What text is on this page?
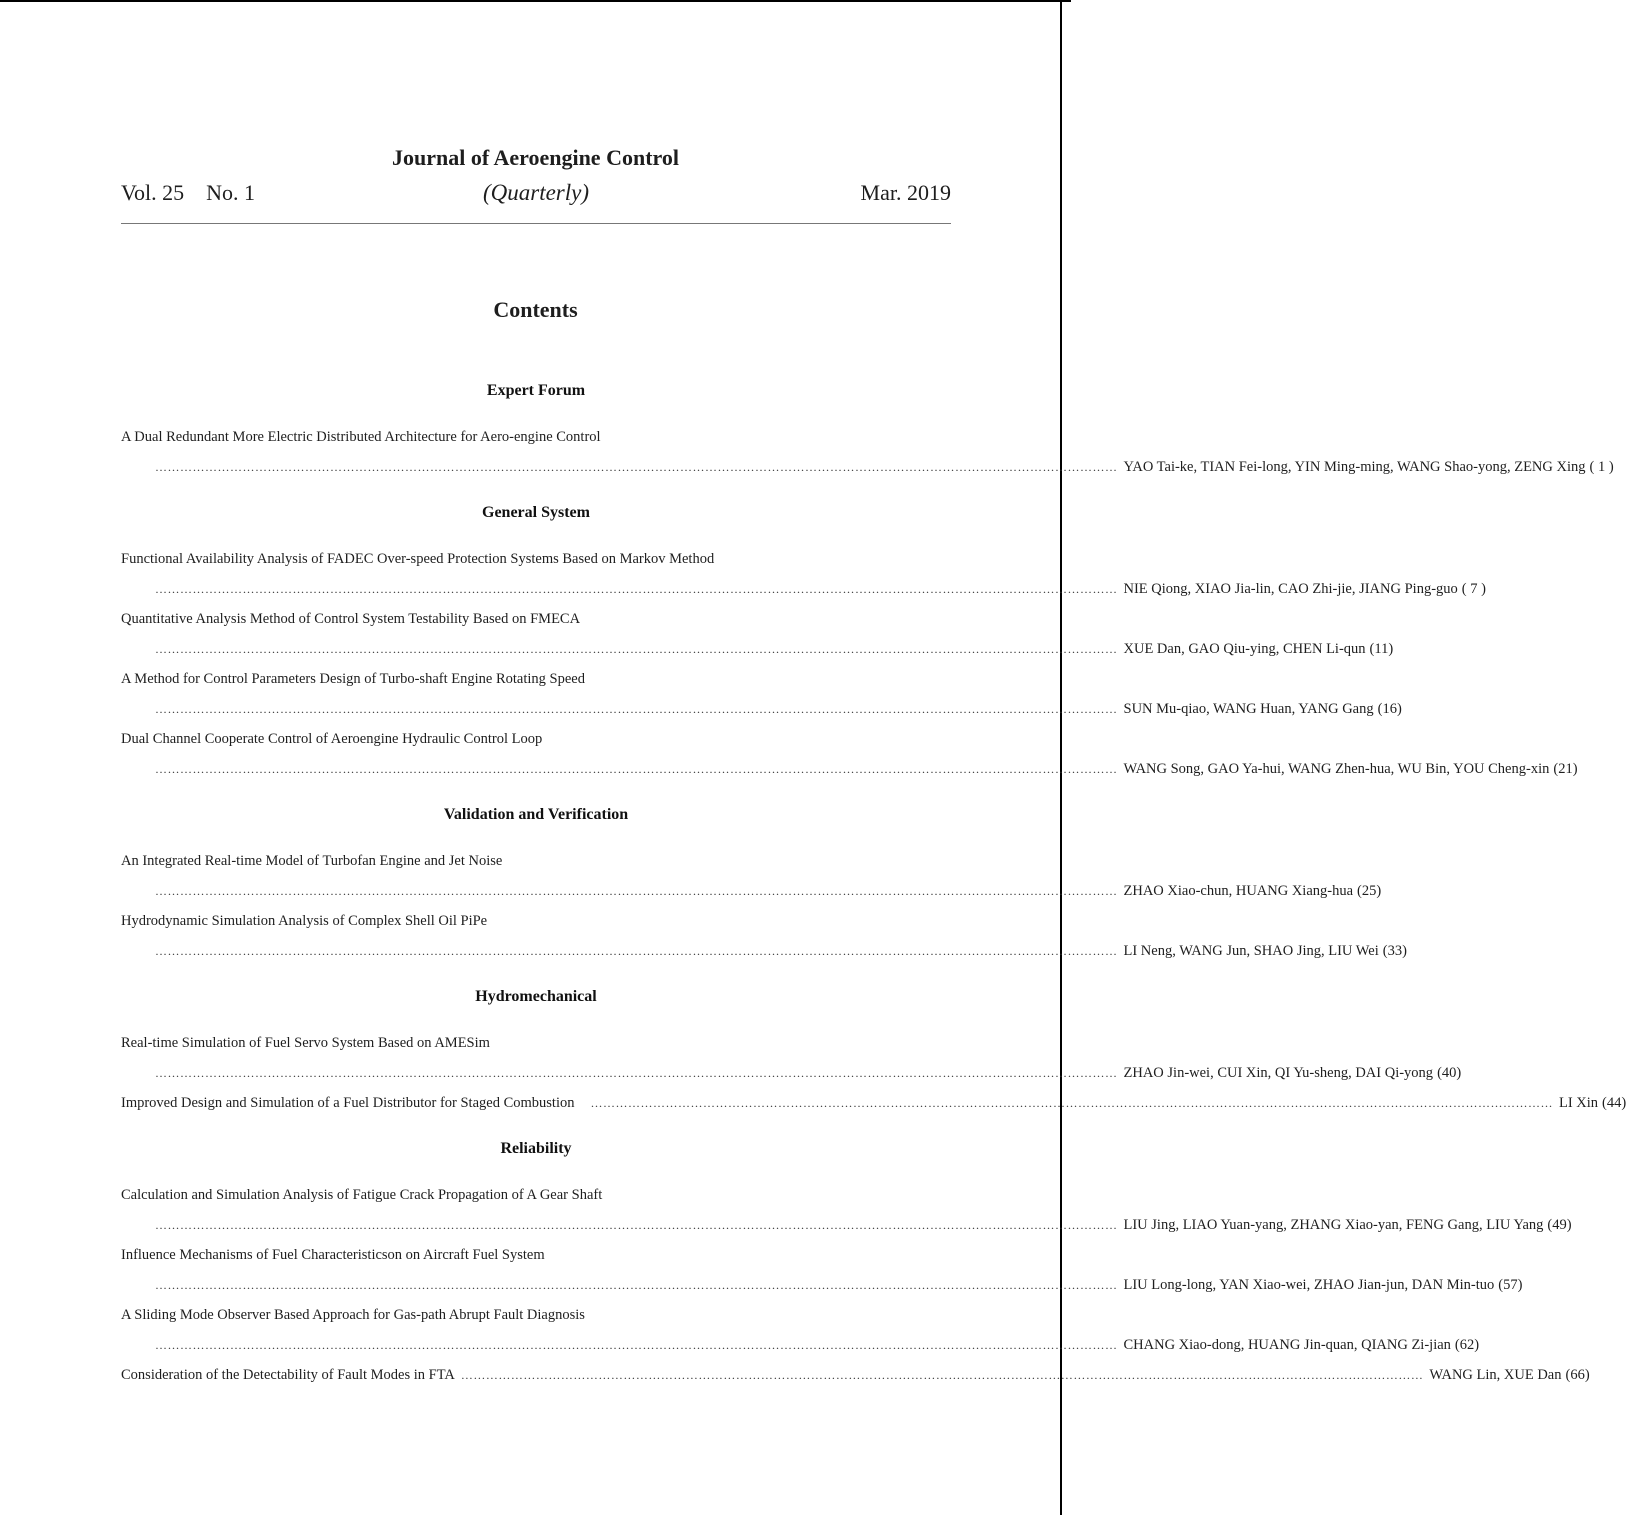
Journal of Aeroengine Control
Vol. 25 No. 1	(Quarterly)	Mar. 2019
Contents
Expert Forum
A Dual Redundant More Electric Distributed Architecture for Aero-engine Control
…………………………………………………………………………………………………………………………………………………………………………………………………………… YAO Tai-ke, TIAN Fei-long, YIN Ming-ming, WANG Shao-yong, ZENG Xing ( 1 )
General System
Functional Availability Analysis of FADEC Over-speed Protection Systems Based on Markov Method
…………………………………………………………………………………………………………………………………………………………………………………………………………… NIE Qiong, XIAO Jia-lin, CAO Zhi-jie, JIANG Ping-guo ( 7 )
Quantitative Analysis Method of Control System Testability Based on FMECA
…………………………………………………………………………………………………………………………………………………………………………………………………………… XUE Dan, GAO Qiu-ying, CHEN Li-qun (11)
A Method for Control Parameters Design of Turbo-shaft Engine Rotating Speed
…………………………………………………………………………………………………………………………………………………………………………………………………………… SUN Mu-qiao, WANG Huan, YANG Gang (16)
Dual Channel Cooperate Control of Aeroengine Hydraulic Control Loop
…………………………………………………………………………………………………………………………………………………………………………………………………………… WANG Song, GAO Ya-hui, WANG Zhen-hua, WU Bin, YOU Cheng-xin (21)
Validation and Verification
An Integrated Real-time Model of Turbofan Engine and Jet Noise
…………………………………………………………………………………………………………………………………………………………………………………………………………… ZHAO Xiao-chun, HUANG Xiang-hua (25)
Hydrodynamic Simulation Analysis of Complex Shell Oil PiPe
…………………………………………………………………………………………………………………………………………………………………………………………………………… LI Neng, WANG Jun, SHAO Jing, LIU Wei (33)
Hydromechanical
Real-time Simulation of Fuel Servo System Based on AMESim
…………………………………………………………………………………………………………………………………………………………………………………………………………… ZHAO Jin-wei, CUI Xin, QI Yu-sheng, DAI Qi-yong (40)
Improved Design and Simulation of a Fuel Distributor for Staged Combustion …………………………………………………………………………………………………………………………………………………………………………………………………………… LI Xin (44)
Reliability
Calculation and Simulation Analysis of Fatigue Crack Propagation of A Gear Shaft
…………………………………………………………………………………………………………………………………………………………………………………………………………… LIU Jing, LIAO Yuan-yang, ZHANG Xiao-yan, FENG Gang, LIU Yang (49)
Influence Mechanisms of Fuel Characteristicson on Aircraft Fuel System
…………………………………………………………………………………………………………………………………………………………………………………………………………… LIU Long-long, YAN Xiao-wei, ZHAO Jian-jun, DAN Min-tuo (57)
A Sliding Mode Observer Based Approach for Gas-path Abrupt Fault Diagnosis
…………………………………………………………………………………………………………………………………………………………………………………………………………… CHANG Xiao-dong, HUANG Jin-quan, QIANG Zi-jian (62)
Consideration of the Detectability of Fault Modes in FTA …………………………………………………………………………………………………………………………………………………………………………………………………………… WANG Lin, XUE Dan (66)
